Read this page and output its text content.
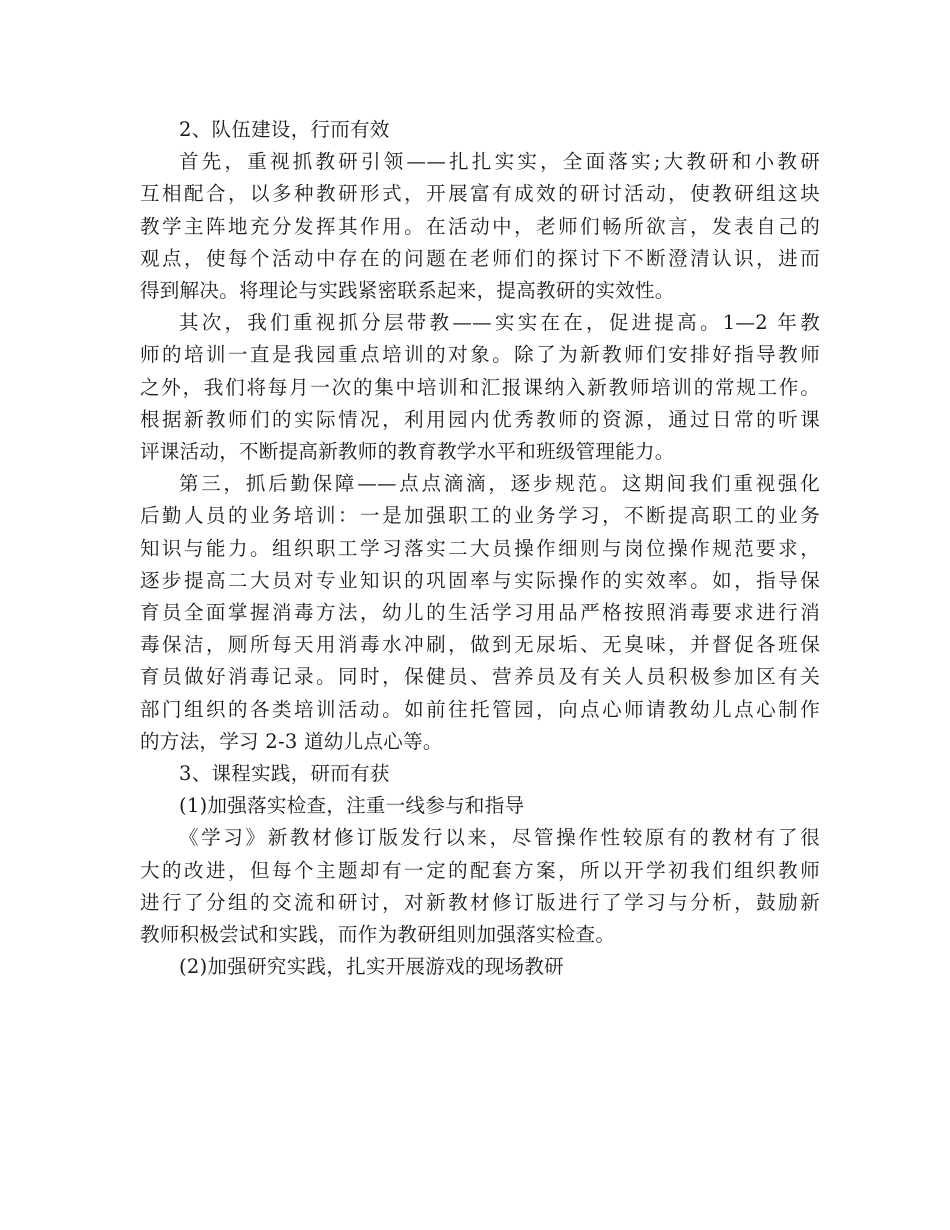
2、队伍建设，行而有效
首先，重视抓教研引领——扎扎实实，全面落实;大教研和小教研
互相配合，以多种教研形式，开展富有成效的研讨活动，使教研组这块
教学主阵地充分发挥其作用。在活动中，老师们畅所欲言，发表自己的
观点，使每个活动中存在的问题在老师们的探讨下不断澄清认识，进而
得到解决。将理论与实践紧密联系起来，提高教研的实效性。
其次，我们重视抓分层带教——实实在在，促进提高。1—2 年教
师的培训一直是我园重点培训的对象。除了为新教师们安排好指导教师
之外，我们将每月一次的集中培训和汇报课纳入新教师培训的常规工作。
根据新教师们的实际情况，利用园内优秀教师的资源，通过日常的听课
评课活动，不断提高新教师的教育教学水平和班级管理能力。
第三，抓后勤保障——点点滴滴，逐步规范。这期间我们重视强化
后勤人员的业务培训：一是加强职工的业务学习，不断提高职工的业务
知识与能力。组织职工学习落实二大员操作细则与岗位操作规范要求，
逐步提高二大员对专业知识的巩固率与实际操作的实效率。如，指导保
育员全面掌握消毒方法，幼儿的生活学习用品严格按照消毒要求进行消
毒保洁，厕所每天用消毒水冲刷，做到无尿垢、无臭味，并督促各班保
育员做好消毒记录。同时，保健员、营养员及有关人员积极参加区有关
部门组织的各类培训活动。如前往托管园，向点心师请教幼儿点心制作
的方法，学习 2-3 道幼儿点心等。
3、课程实践，研而有获
(1)加强落实检查，注重一线参与和指导
《学习》新教材修订版发行以来，尽管操作性较原有的教材有了很
大的改进，但每个主题却有一定的配套方案，所以开学初我们组织教师
进行了分组的交流和研讨，对新教材修订版进行了学习与分析，鼓励新
教师积极尝试和实践，而作为教研组则加强落实检查。
(2)加强研究实践，扎实开展游戏的现场教研
